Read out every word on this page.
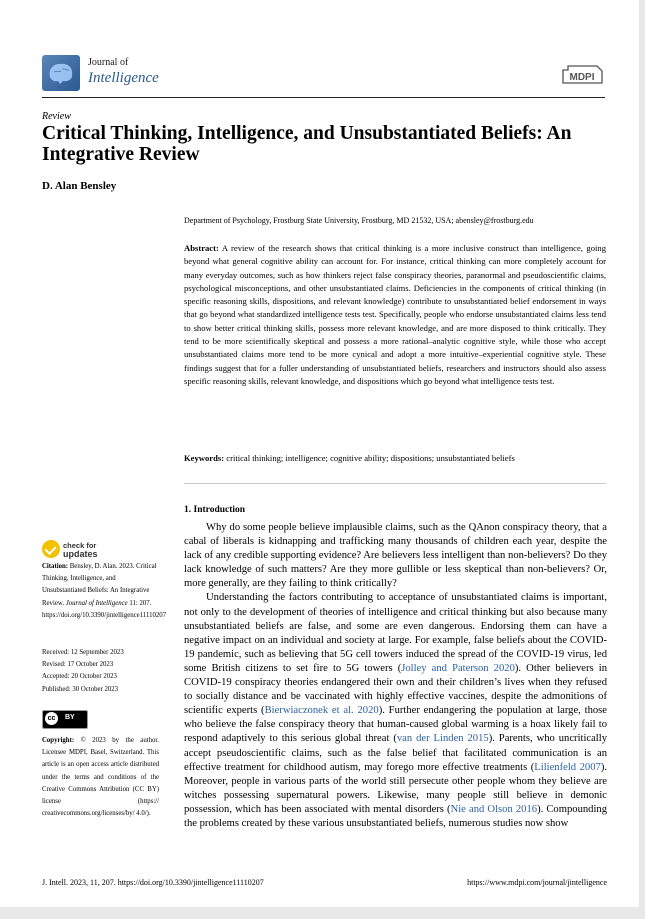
Journal of
Intelligence	MDPI
Review
Critical Thinking, Intelligence, and Unsubstantiated Beliefs: An Integrative Review
D. Alan Bensley
Department of Psychology, Frostburg State University, Frostburg, MD 21532, USA; abensley@frostburg.edu
Abstract: A review of the research shows that critical thinking is a more inclusive construct than intelligence, going beyond what general cognitive ability can account for. For instance, critical thinking can more completely account for many everyday outcomes, such as how thinkers reject false conspiracy theories, paranormal and pseudoscientific claims, psychological misconceptions, and other unsubstantiated claims. Deficiencies in the components of critical thinking (in specific reasoning skills, dispositions, and relevant knowledge) contribute to unsubstantiated belief endorsement in ways that go beyond what standardized intelligence tests test. Specifically, people who endorse unsubstantiated claims less tend to show better critical thinking skills, possess more relevant knowledge, and are more disposed to think critically. They tend to be more scientifically skeptical and possess a more rational–analytic cognitive style, while those who accept unsubstantiated claims more tend to be more cynical and adopt a more intuitive–experiential cognitive style. These findings suggest that for a fuller understanding of unsubstantiated beliefs, researchers and instructors should also assess specific reasoning skills, relevant knowledge, and dispositions which go beyond what intelligence tests test.
Keywords: critical thinking; intelligence; cognitive ability; dispositions; unsubstantiated beliefs
1. Introduction

Why do some people believe implausible claims, such as the QAnon conspiracy theory, that a cabal of liberals is kidnapping and trafficking many thousands of children each year, despite the lack of any credible supporting evidence? Are believers less intelligent than non-believers? Do they lack knowledge of such matters? Are they more gullible or less skeptical than non-believers? Or, more generally, are they failing to think critically?

Understanding the factors contributing to acceptance of unsubstantiated claims is important, not only to the development of theories of intelligence and critical thinking but also because many unsubstantiated beliefs are false, and some are even dangerous. Endorsing them can have a negative impact on an individual and society at large. For example, false beliefs about the COVID-19 pandemic, such as believing that 5G cell towers induced the spread of the COVID-19 virus, led some British citizens to set fire to 5G towers (Jolley and Paterson 2020). Other believers in COVID-19 conspiracy theories endangered their own and their children’s lives when they refused to socially distance and be vaccinated with highly effective vaccines, despite the admonitions of scientific experts (Bierwiaczonek et al. 2020). Further endangering the population at large, those who believe the false conspiracy theory that human-caused global warming is a hoax likely fail to respond adaptively to this serious global threat (van der Linden 2015). Parents, who uncritically accept pseudoscientific claims, such as the false belief that facilitated communication is an effective treatment for childhood autism, may forego more effective treatments (Lilienfeld 2007). Moreover, people in various parts of the world still persecute other people whom they believe are witches possessing supernatural powers. Likewise, many people still believe in demonic possession, which has been associated with mental disorders (Nie and Olson 2016). Compounding the problems created by these various unsubstantiated beliefs, numerous studies now show

check for
updates
Citation: Bensley, D. Alan. 2023. Critical Thinking, Intelligence, and Unsubstantiated Beliefs: An Integrative Review. Journal of Intelligence 11: 207. https://doi.org/10.3390/jintelligence11110207
Received: 12 September 2023
Revised: 17 October 2023
Accepted: 20 October 2023
Published: 30 October 2023
cc	BY
Copyright: © 2023 by the author. Licensee MDPI, Basel, Switzerland. This article is an open access article distributed under the terms and conditions of the Creative Commons Attribution (CC BY) license (https:// creativecommons.org/licenses/by/ 4.0/).
J. Intell. 2023, 11, 207. https://doi.org/10.3390/jintelligence11110207	https://www.mdpi.com/journal/jintelligence
